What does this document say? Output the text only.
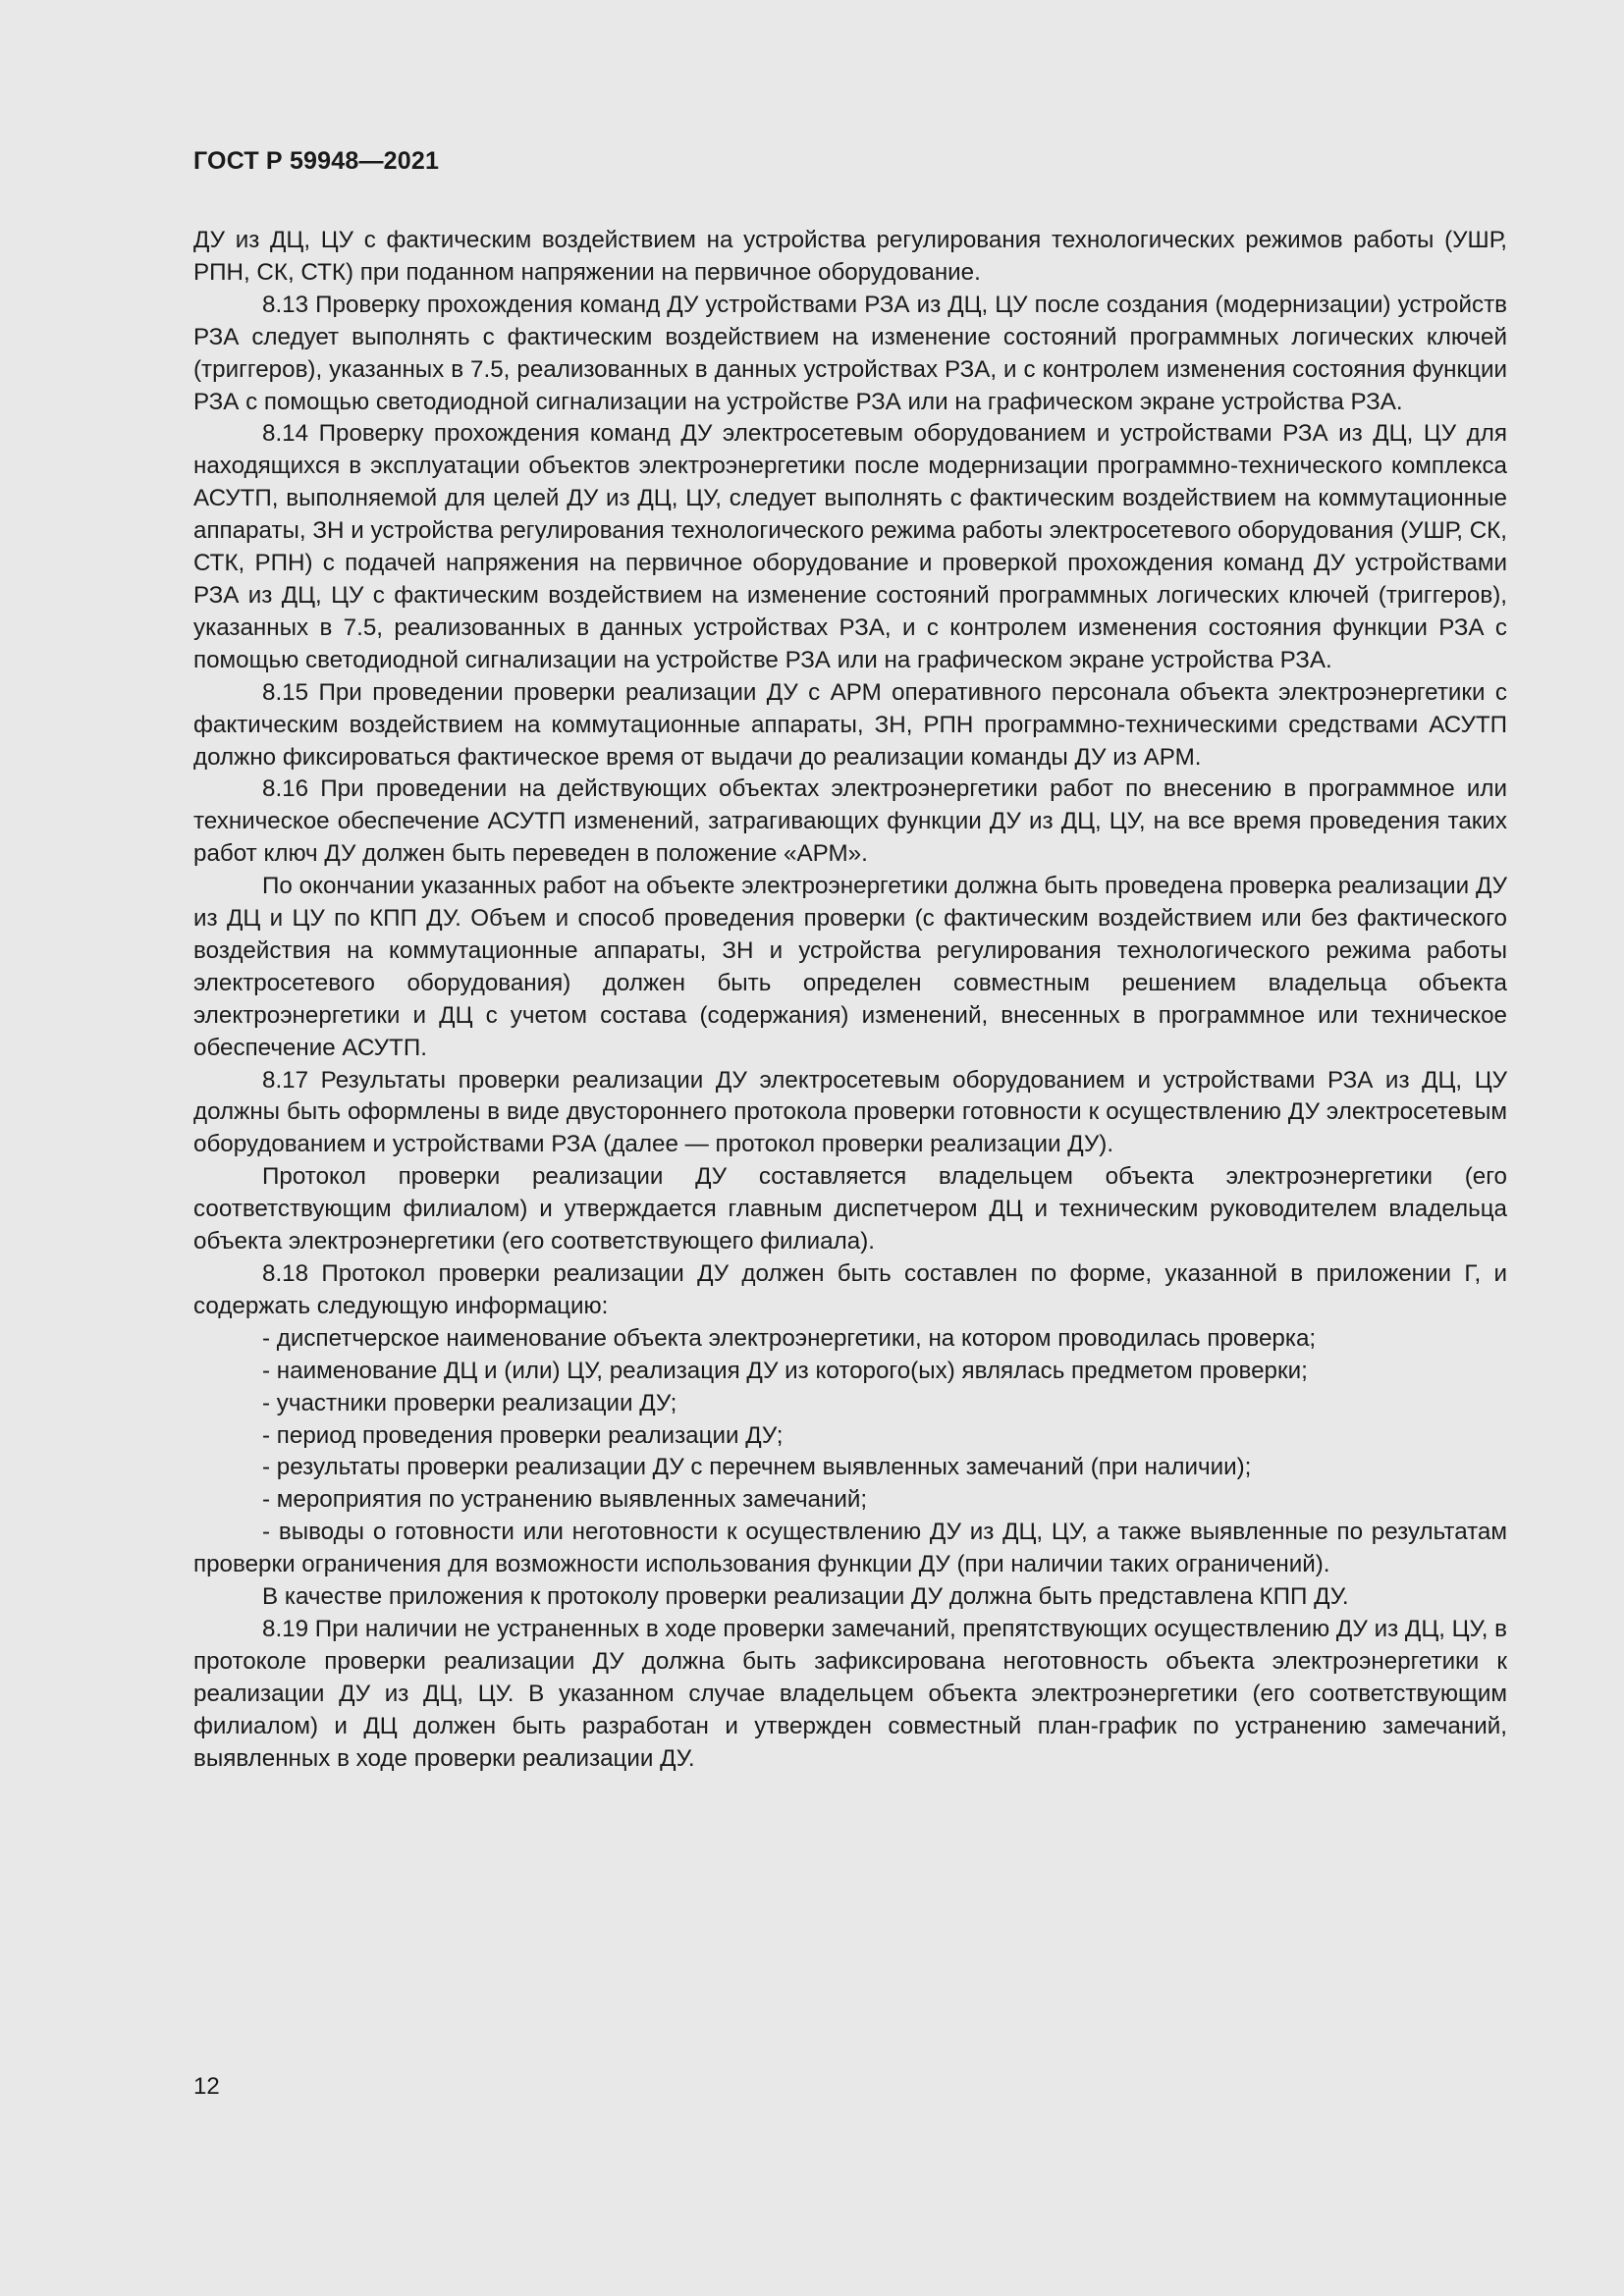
ГОСТ Р 59948—2021

ДУ из ДЦ, ЦУ с фактическим воздействием на устройства регулирования технологических режимов работы (УШР, РПН, СК, СТК) при поданном напряжении на первичное оборудование.

8.13 Проверку прохождения команд ДУ устройствами РЗА из ДЦ, ЦУ после создания (модернизации) устройств РЗА следует выполнять с фактическим воздействием на изменение состояний программных логических ключей (триггеров), указанных в 7.5, реализованных в данных устройствах РЗА, и с контролем изменения состояния функции РЗА с помощью светодиодной сигнализации на устройстве РЗА или на графическом экране устройства РЗА.

8.14 Проверку прохождения команд ДУ электросетевым оборудованием и устройствами РЗА из ДЦ, ЦУ для находящихся в эксплуатации объектов электроэнергетики после модернизации программно-технического комплекса АСУТП, выполняемой для целей ДУ из ДЦ, ЦУ, следует выполнять с фактическим воздействием на коммутационные аппараты, ЗН и устройства регулирования технологического режима работы электросетевого оборудования (УШР, СК, СТК, РПН) с подачей напряжения на первичное оборудование и проверкой прохождения команд ДУ устройствами РЗА из ДЦ, ЦУ с фактическим воздействием на изменение состояний программных логических ключей (триггеров), указанных в 7.5, реализованных в данных устройствах РЗА, и с контролем изменения состояния функции РЗА с помощью светодиодной сигнализации на устройстве РЗА или на графическом экране устройства РЗА.

8.15 При проведении проверки реализации ДУ с АРМ оперативного персонала объекта электроэнергетики с фактическим воздействием на коммутационные аппараты, ЗН, РПН программно-техническими средствами АСУТП должно фиксироваться фактическое время от выдачи до реализации команды ДУ из АРМ.

8.16 При проведении на действующих объектах электроэнергетики работ по внесению в программное или техническое обеспечение АСУТП изменений, затрагивающих функции ДУ из ДЦ, ЦУ, на все время проведения таких работ ключ ДУ должен быть переведен в положение «АРМ».

По окончании указанных работ на объекте электроэнергетики должна быть проведена проверка реализации ДУ из ДЦ и ЦУ по КПП ДУ. Объем и способ проведения проверки (с фактическим воздействием или без фактического воздействия на коммутационные аппараты, ЗН и устройства регулирования технологического режима работы электросетевого оборудования) должен быть определен совместным решением владельца объекта электроэнергетики и ДЦ с учетом состава (содержания) изменений, внесенных в программное или техническое обеспечение АСУТП.

8.17 Результаты проверки реализации ДУ электросетевым оборудованием и устройствами РЗА из ДЦ, ЦУ должны быть оформлены в виде двустороннего протокола проверки готовности к осуществлению ДУ электросетевым оборудованием и устройствами РЗА (далее — протокол проверки реализации ДУ).

Протокол проверки реализации ДУ составляется владельцем объекта электроэнергетики (его соответствующим филиалом) и утверждается главным диспетчером ДЦ и техническим руководителем владельца объекта электроэнергетики (его соответствующего филиала).

8.18 Протокол проверки реализации ДУ должен быть составлен по форме, указанной в приложении Г, и содержать следующую информацию:

- диспетчерское наименование объекта электроэнергетики, на котором проводилась проверка;

- наименование ДЦ и (или) ЦУ, реализация ДУ из которого(ых) являлась предметом проверки;

- участники проверки реализации ДУ;

- период проведения проверки реализации ДУ;

- результаты проверки реализации ДУ с перечнем выявленных замечаний (при наличии);

- мероприятия по устранению выявленных замечаний;

- выводы о готовности или неготовности к осуществлению ДУ из ДЦ, ЦУ, а также выявленные по результатам проверки ограничения для возможности использования функции ДУ (при наличии таких ограничений).

В качестве приложения к протоколу проверки реализации ДУ должна быть представлена КПП ДУ.

8.19 При наличии не устраненных в ходе проверки замечаний, препятствующих осуществлению ДУ из ДЦ, ЦУ, в протоколе проверки реализации ДУ должна быть зафиксирована неготовность объекта электроэнергетики к реализации ДУ из ДЦ, ЦУ. В указанном случае владельцем объекта электроэнергетики (его соответствующим филиалом) и ДЦ должен быть разработан и утвержден совместный план-график по устранению замечаний, выявленных в ходе проверки реализации ДУ.

12
